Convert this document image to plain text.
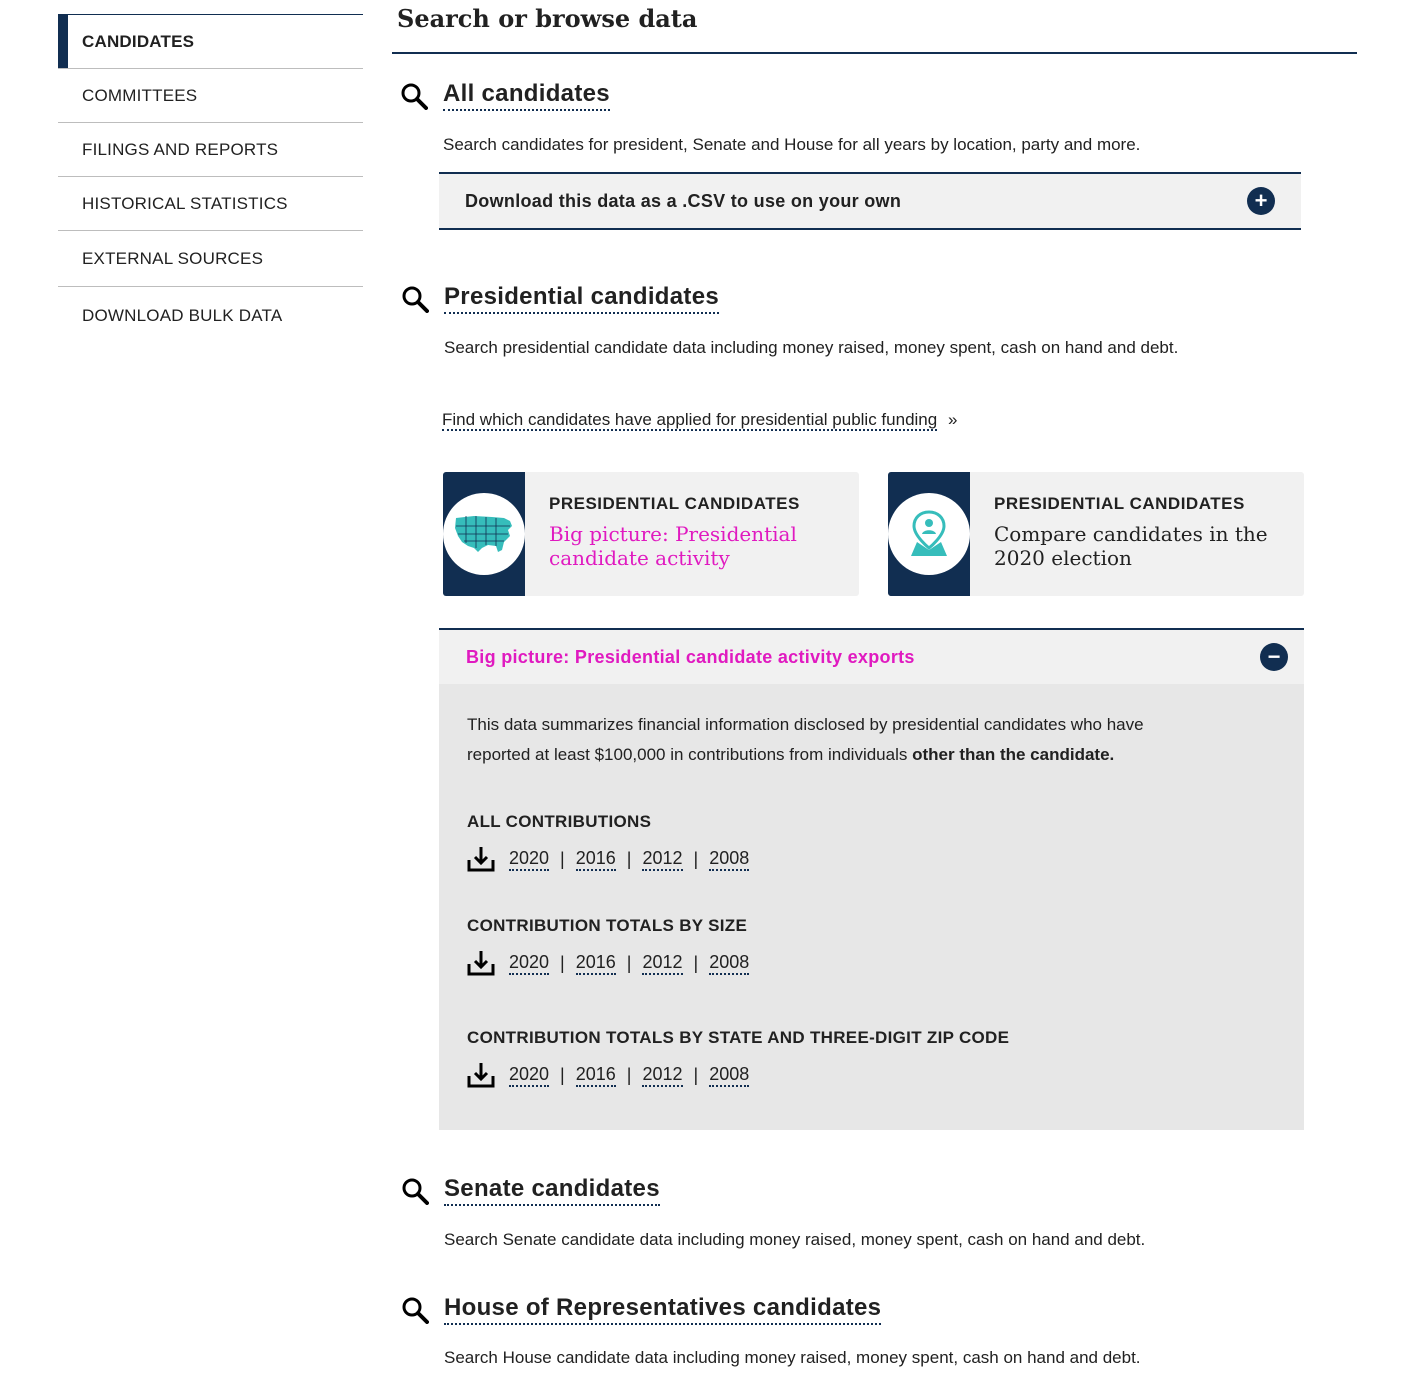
CANDIDATES
COMMITTEES
FILINGS AND REPORTS
HISTORICAL STATISTICS
EXTERNAL SOURCES
DOWNLOAD BULK DATA
Search or browse data
All candidates
Search candidates for president, Senate and House for all years by location, party and more.
Download this data as a .CSV to use on your own	+
Presidential candidates
Search presidential candidate data including money raised, money spent, cash on hand and debt.
Find which candidates have applied for presidential public funding »
PRESIDENTIAL CANDIDATES
Big picture: Presidential candidate activity
PRESIDENTIAL CANDIDATES
Compare candidates in the 2020 election
Big picture: Presidential candidate activity exports	−
This data summarizes financial information disclosed by presidential candidates who have reported at least $100,000 in contributions from individuals other than the candidate.
ALL CONTRIBUTIONS
2020 | 2016 | 2012 | 2008
CONTRIBUTION TOTALS BY SIZE
2020 | 2016 | 2012 | 2008
CONTRIBUTION TOTALS BY STATE AND THREE-DIGIT ZIP CODE
2020 | 2016 | 2012 | 2008
Senate candidates
Search Senate candidate data including money raised, money spent, cash on hand and debt.
House of Representatives candidates
Search House candidate data including money raised, money spent, cash on hand and debt.
